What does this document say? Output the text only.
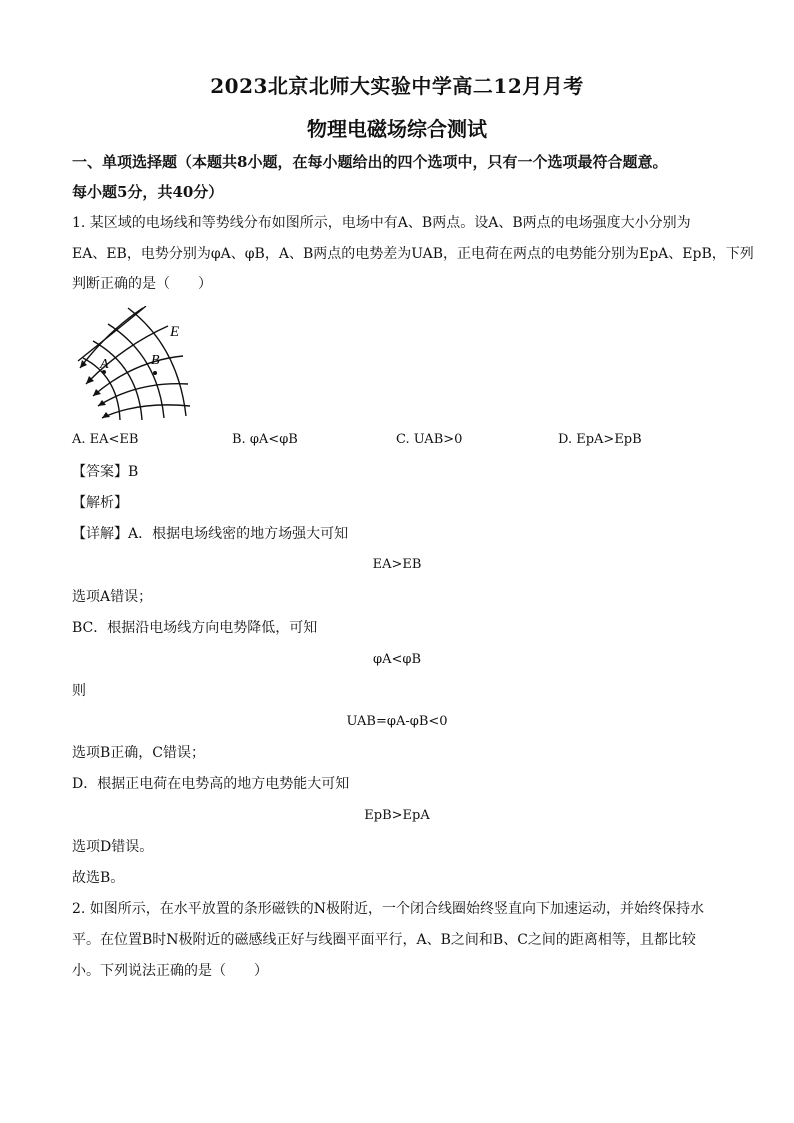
2023北京北师大实验中学高二12月月考
物理电磁场综合测试
一、单项选择题（本题共8小题，在每小题给出的四个选项中，只有一个选项最符合题意。
每小题5分，共40分）
1. 某区域的电场线和等势线分布如图所示，电场中有A、B两点。设A、B两点的电场强度大小分别为
EA、EB，电势分别为φA、φB，A、B两点的电势差为UAB，正电荷在两点的电势能分别为EpA、EpB，下列
判断正确的是（　　）
E
A	B
A. EA<EB	B. φA<φB	C. UAB>0	D. EpA>EpB
【答案】B
【解析】
【详解】A．根据电场线密的地方场强大可知
EA>EB
选项A错误；
BC．根据沿电场线方向电势降低，可知
φA<φB
则
UAB=φA-φB<0
选项B正确，C错误；
D．根据正电荷在电势高的地方电势能大可知
EpB>EpA
选项D错误。
故选B。
2. 如图所示，在水平放置的条形磁铁的N极附近，一个闭合线圈始终竖直向下加速运动，并始终保持水
平。在位置B时N极附近的磁感线正好与线圈平面平行，A、B之间和B、C之间的距离相等，且都比较
小。下列说法正确的是（　　）
